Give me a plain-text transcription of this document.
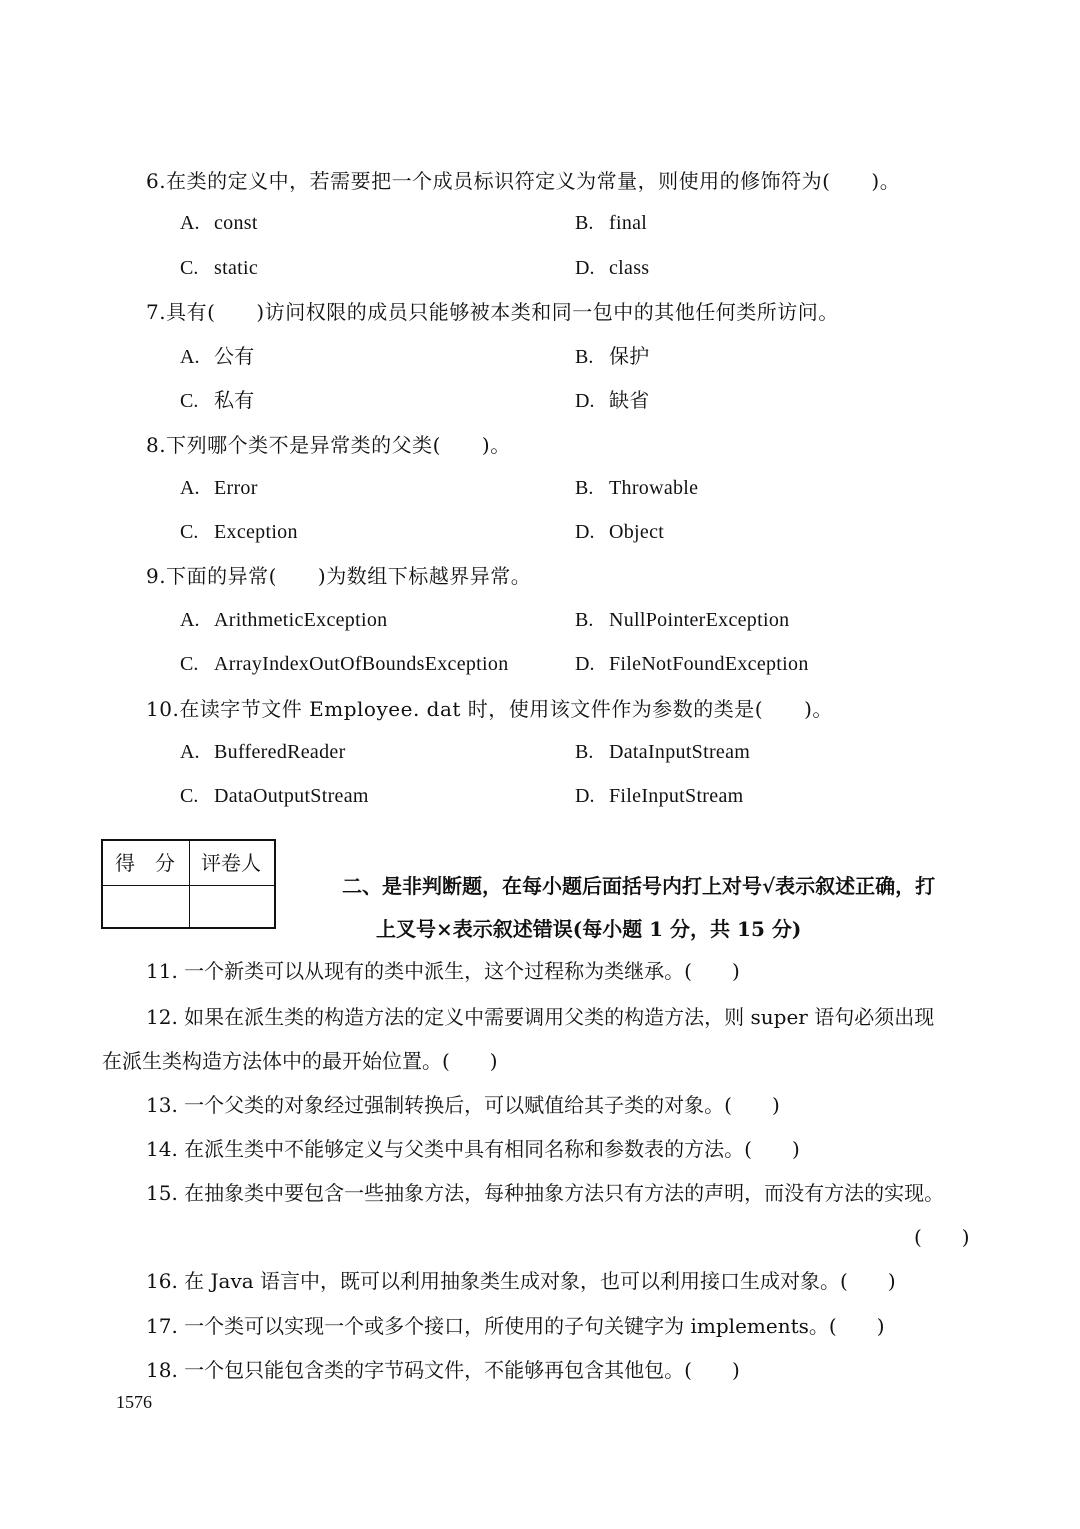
6.在类的定义中，若需要把一个成员标识符定义为常量，则使用的修饰符为(　　)。
A. const	B. final
C. static	D. class
7.具有(　　)访问权限的成员只能够被本类和同一包中的其他任何类所访问。
A. 公有	B. 保护
C. 私有	D. 缺省
8.下列哪个类不是异常类的父类(　　)。
A. Error	B. Throwable
C. Exception	D. Object
9.下面的异常(　　)为数组下标越界异常。
A. ArithmeticException	B. NullPointerException
C. ArrayIndexOutOfBoundsException	D. FileNotFoundException
10.在读字节文件 Employee. dat 时，使用该文件作为参数的类是(　　)。
A. BufferedReader	B. DataInputStream
C. DataOutputStream	D. FileInputStream
得　分 评卷人
二、是非判断题，在每小题后面括号内打上对号√表示叙述正确，打
上叉号×表示叙述错误(每小题 1 分，共 15 分)
11. 一个新类可以从现有的类中派生，这个过程称为类继承。(　　)
12. 如果在派生类的构造方法的定义中需要调用父类的构造方法，则 super 语句必须出现
在派生类构造方法体中的最开始位置。(　　)
13. 一个父类的对象经过强制转换后，可以赋值给其子类的对象。(　　)
14. 在派生类中不能够定义与父类中具有相同名称和参数表的方法。(　　)
15. 在抽象类中要包含一些抽象方法，每种抽象方法只有方法的声明，而没有方法的实现。
(　　)
16. 在 Java 语言中，既可以利用抽象类生成对象，也可以利用接口生成对象。(　　)
17. 一个类可以实现一个或多个接口，所使用的子句关键字为 implements。(　　)
18. 一个包只能包含类的字节码文件，不能够再包含其他包。(　　)
1576
